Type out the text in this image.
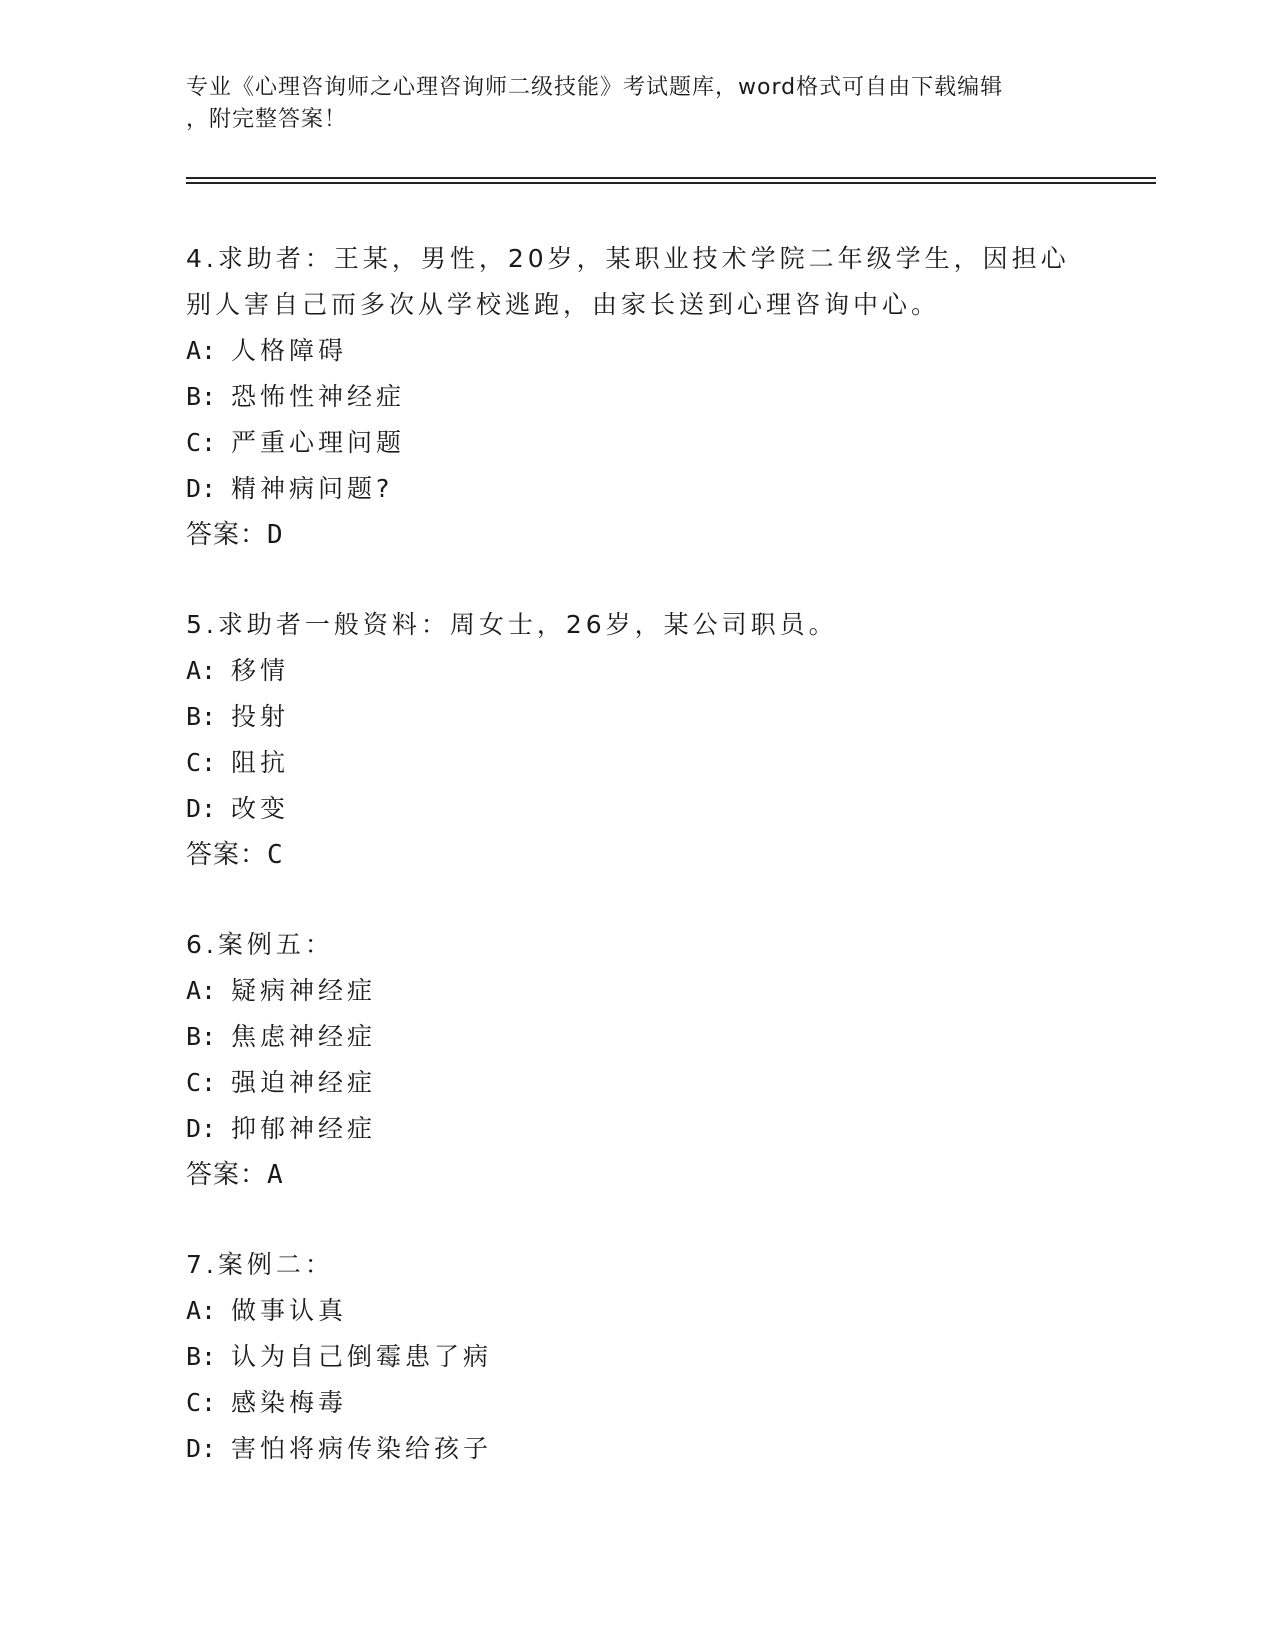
专业《心理咨询师之心理咨询师二级技能》考试题库，word格式可自由下载编辑
，附完整答案！
4.求助者：王某，男性，20岁，某职业技术学院二年级学生，因担心
别人害自己而多次从学校逃跑，由家长送到心理咨询中心。
A: 人格障碍
B: 恐怖性神经症
C: 严重心理问题
D: 精神病问题?
答案：D
5.求助者一般资料：周女士，26岁，某公司职员。
A: 移情
B: 投射
C: 阻抗
D: 改变
答案：C
6.案例五：
A: 疑病神经症
B: 焦虑神经症
C: 强迫神经症
D: 抑郁神经症
答案：A
7.案例二：
A: 做事认真
B: 认为自己倒霉患了病
C: 感染梅毒
D: 害怕将病传染给孩子
